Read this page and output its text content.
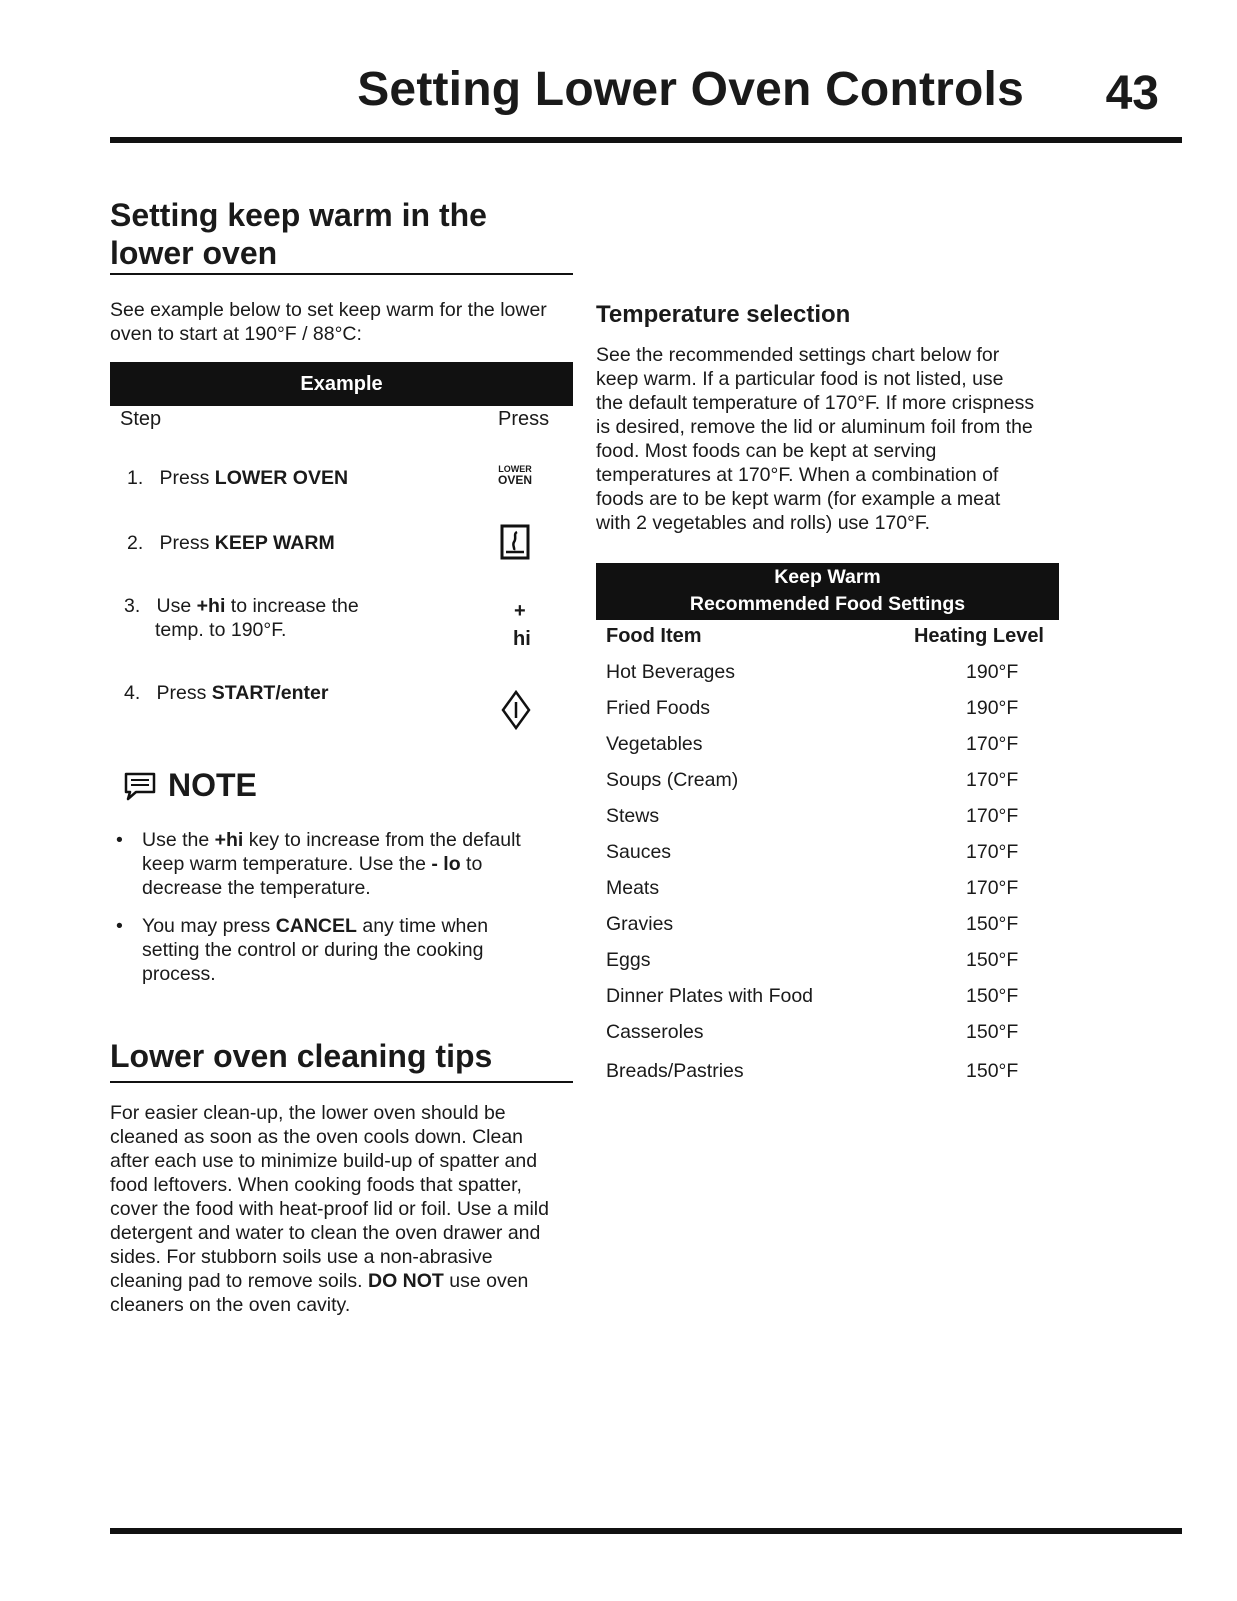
Setting Lower Oven Controls 43
Setting keep warm in the
lower oven
See example below to set keep warm for the lower
oven to start at 190°F / 88°C:
Example
Step	Press
1. Press LOWER OVEN	LOWER
OVEN
2. Press KEEP WARM
3. Use +hi to increase the
temp. to 190°F.
+
hi
4. Press START/enter
NOTE
• Use the +hi key to increase from the default
keep warm temperature. Use the - lo to
decrease the temperature.
• You may press CANCEL any time when
setting the control or during the cooking
process.
Lower oven cleaning tips
For easier clean-up, the lower oven should be
cleaned as soon as the oven cools down. Clean
after each use to minimize build-up of spatter and
food leftovers. When cooking foods that spatter,
cover the food with heat-proof lid or foil. Use a mild
detergent and water to clean the oven drawer and
sides. For stubborn soils use a non-abrasive
cleaning pad to remove soils. DO NOT use oven
cleaners on the oven cavity.
Temperature selection
See the recommended settings chart below for
keep warm. If a particular food is not listed, use
the default temperature of 170°F. If more crispness
is desired, remove the lid or aluminum foil from the
food. Most foods can be kept at serving
temperatures at 170°F. When a combination of
foods are to be kept warm (for example a meat
with 2 vegetables and rolls) use 170°F.
Keep Warm
Recommended Food Settings
Food Item	Heating Level
Hot Beverages	190°F
Fried Foods	190°F
Vegetables	170°F
Soups (Cream)	170°F
Stews	170°F
Sauces	170°F
Meats	170°F
Gravies	150°F
Eggs	150°F
Dinner Plates with Food	150°F
Casseroles	150°F
Breads/Pastries	150°F
